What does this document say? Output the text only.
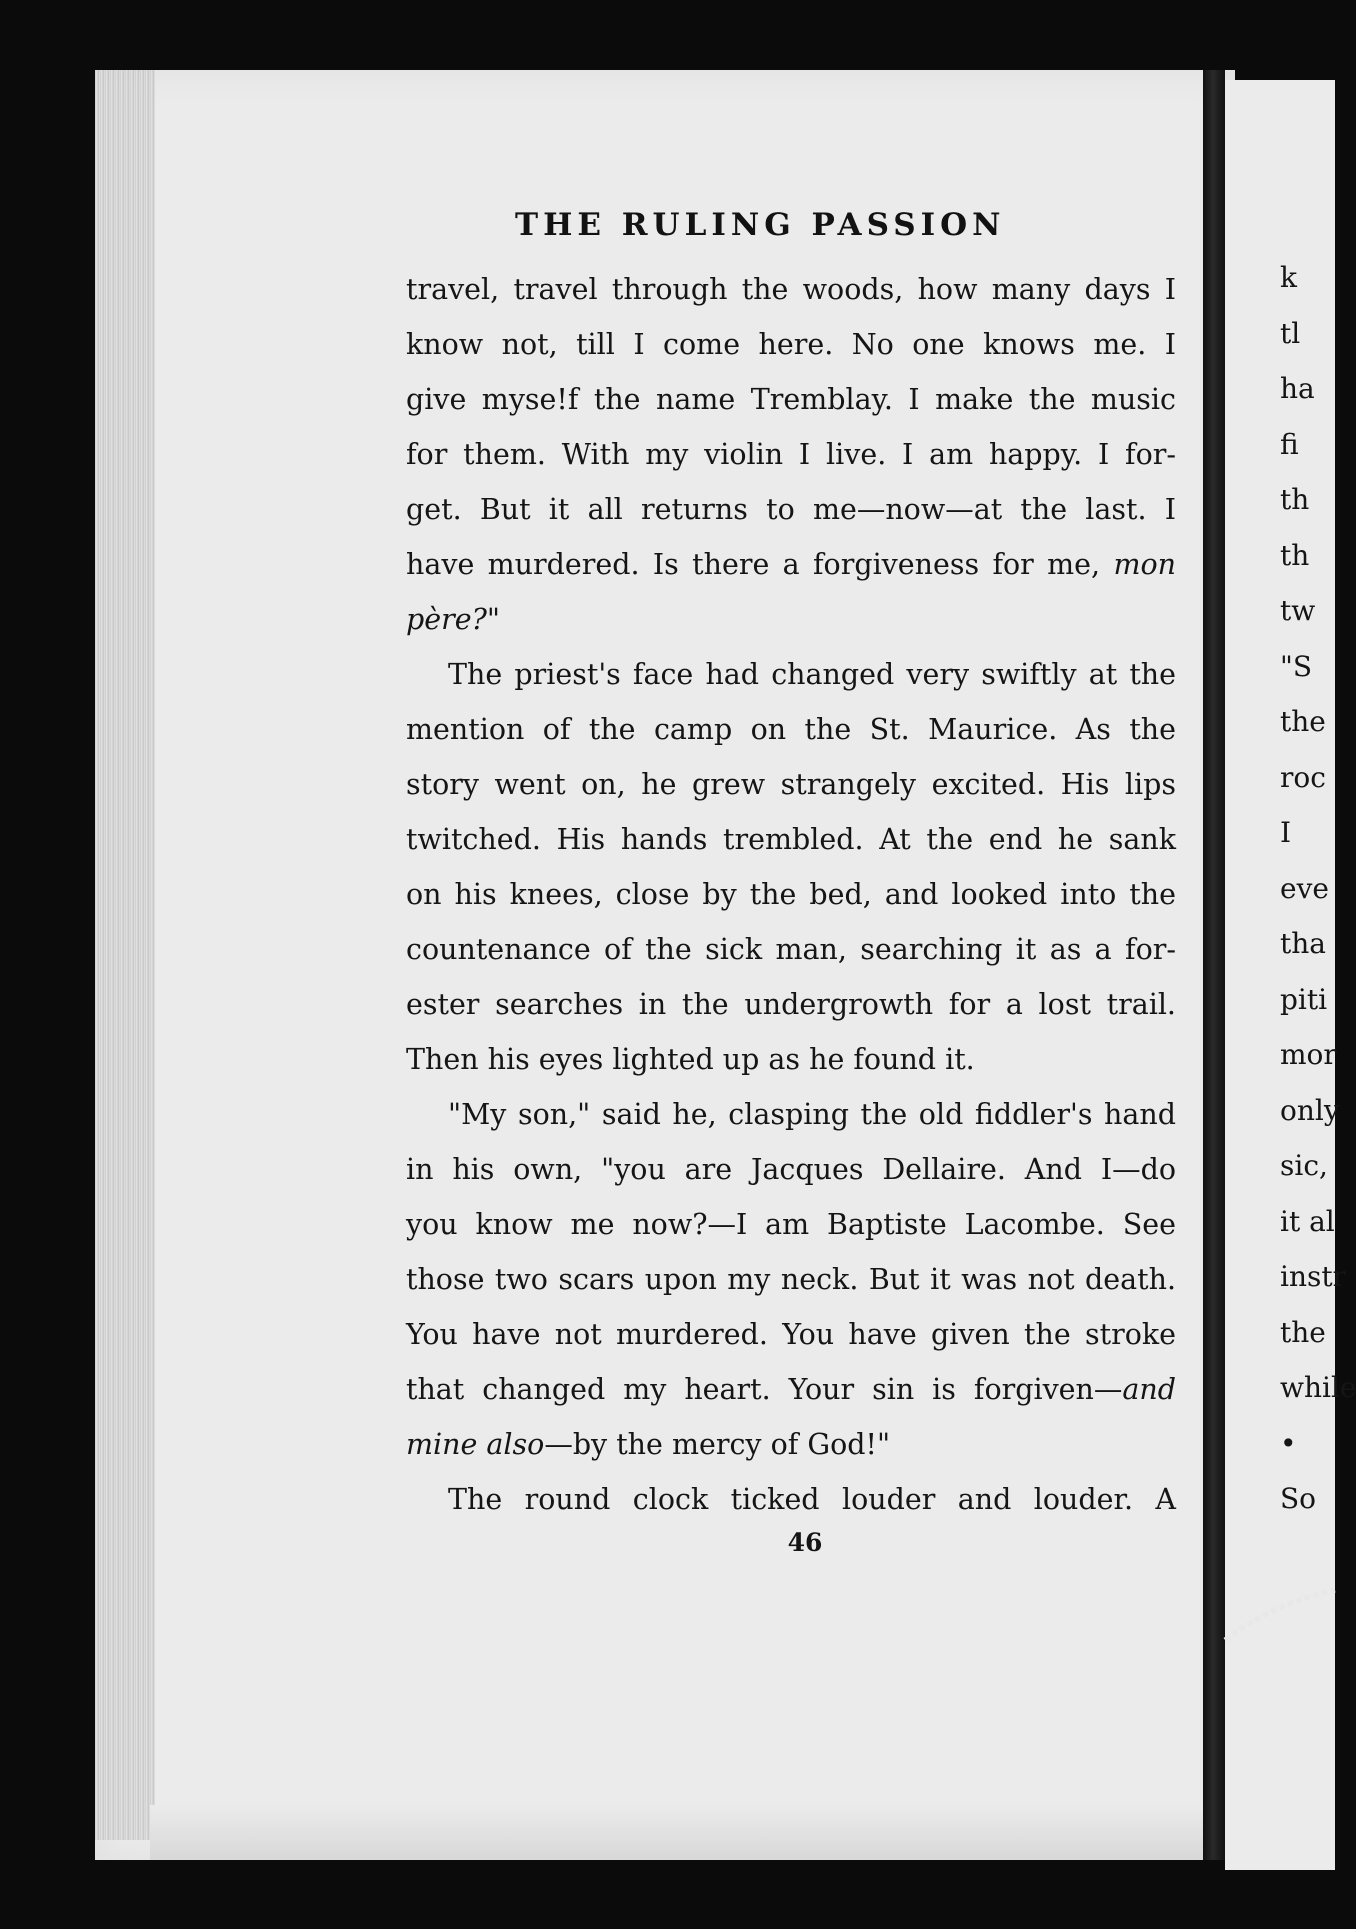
THE RULING PASSION
travel, travel through the woods, how many days I
know not, till I come here. No one knows me. I
give myse!f the name Tremblay. I make the music
for them. With my violin I live. I am happy. I for-
get. But it all returns to me—now—at the last. I
have murdered. Is there a forgiveness for me, mon
père?"
The priest's face had changed very swiftly at the
mention of the camp on the St. Maurice. As the
story went on, he grew strangely excited. His lips
twitched. His hands trembled. At the end he sank
on his knees, close by the bed, and looked into the
countenance of the sick man, searching it as a for-
ester searches in the undergrowth for a lost trail.
Then his eyes lighted up as he found it.
"My son," said he, clasping the old fiddler's hand
in his own, "you are Jacques Dellaire. And I—do
you know me now?—I am Baptiste Lacombe. See
those two scars upon my neck. But it was not death.
You have not murdered. You have given the stroke
that changed my heart. Your sin is forgiven—and
mine also—by the mercy of God!"
The round clock ticked louder and louder. A
46
k
tl
ha
fi
th
th
tw
"S
the
roc
I
eve
tha
piti
mor
only
sic,
it al
instr
the
while
•
So
